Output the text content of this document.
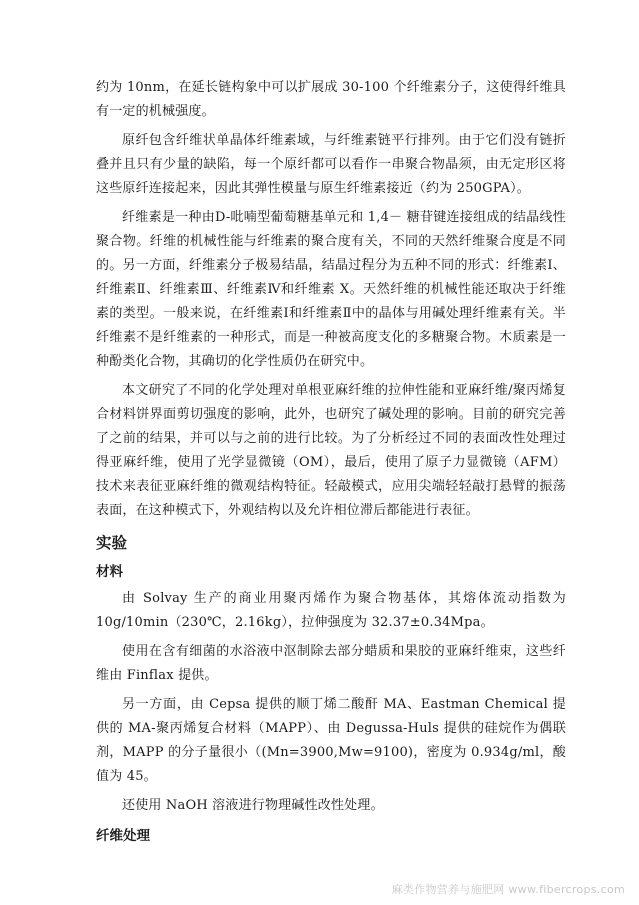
约为 10nm，在延长链构象中可以扩展成 30-100 个纤维素分子，这使得纤维具有一定的机械强度。

原纤包含纤维状单晶体纤维素域，与纤维素链平行排列。由于它们没有链折叠并且只有少量的缺陷，每一个原纤都可以看作一串聚合物晶须，由无定形区将这些原纤连接起来，因此其弹性模量与原生纤维素接近（约为 250GPA）。

纤维素是一种由D-吡喃型葡萄糖基单元和 1,4－ 糖苷键连接组成的结晶线性聚合物。纤维的机械性能与纤维素的聚合度有关，不同的天然纤维聚合度是不同的。另一方面，纤维素分子极易结晶，结晶过程分为五种不同的形式：纤维素Ⅰ、纤维素Ⅱ、纤维素Ⅲ、纤维素Ⅳ和纤维素 X。天然纤维的机械性能还取决于纤维素的类型。一般来说，在纤维素Ⅰ和纤维素Ⅱ中的晶体与用碱处理纤维素有关。半纤维素不是纤维素的一种形式，而是一种被高度支化的多糖聚合物。木质素是一种酚类化合物，其确切的化学性质仍在研究中。

本文研究了不同的化学处理对单根亚麻纤维的拉伸性能和亚麻纤维/聚丙烯复合材料饼界面剪切强度的影响，此外，也研究了碱处理的影响。目前的研究完善了之前的结果，并可以与之前的进行比较。为了分析经过不同的表面改性处理过得亚麻纤维，使用了光学显微镜（OM），最后，使用了原子力显微镜（AFM）技术来表征亚麻纤维的微观结构特征。轻敲模式，应用尖端轻轻敲打悬臂的振荡表面，在这种模式下，外观结构以及允许相位滞后都能进行表征。

实验
材料

由 Solvay 生产的商业用聚丙烯作为聚合物基体，其熔体流动指数为 10g/10min（230℃，2.16kg），拉伸强度为 32.37±0.34Mpa。

使用在含有细菌的水浴液中沤制除去部分蜡质和果胶的亚麻纤维束，这些纤维由 Finflax 提供。

另一方面，由 Cepsa 提供的顺丁烯二酸酐 MA、Eastman Chemical 提供的 MA-聚丙烯复合材料（MAPP）、由 Degussa-Huls 提供的硅烷作为偶联剂，MAPP 的分子量很小（(Mn=3900,Mw=9100)，密度为 0.934g/ml，酸值为 45。

还使用 NaOH 溶液进行物理碱性改性处理。

纤维处理
麻类作物营养与施肥网 www.fibercrops.com
